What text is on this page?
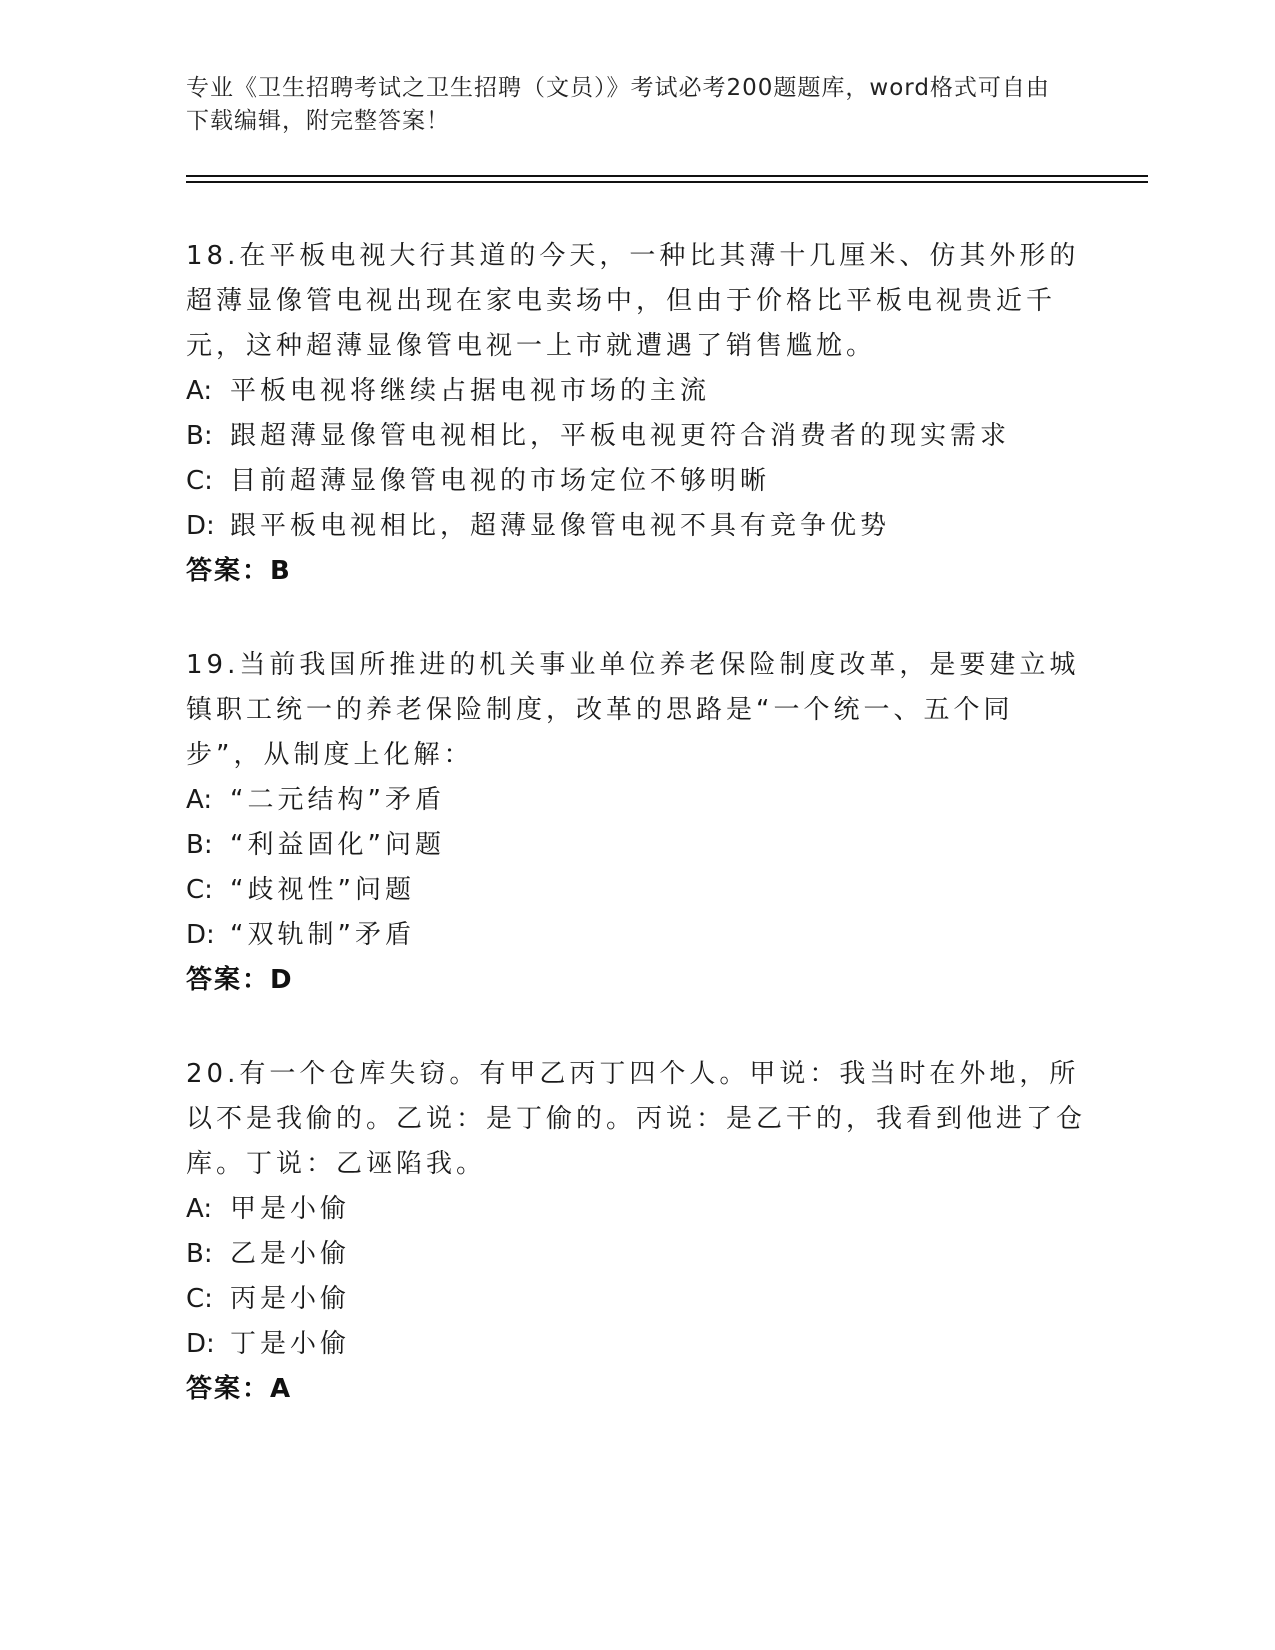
专业《卫生招聘考试之卫生招聘（文员）》考试必考200题题库，word格式可自由下载编辑，附完整答案！

18.在平板电视大行其道的今天，一种比其薄十几厘米、仿其外形的超薄显像管电视出现在家电卖场中，但由于价格比平板电视贵近千元，这种超薄显像管电视一上市就遭遇了销售尴尬。

A: 平板电视将继续占据电视市场的主流

B: 跟超薄显像管电视相比，平板电视更符合消费者的现实需求

C: 目前超薄显像管电视的市场定位不够明晰

D: 跟平板电视相比，超薄显像管电视不具有竞争优势

答案：B

19.当前我国所推进的机关事业单位养老保险制度改革，是要建立城镇职工统一的养老保险制度，改革的思路是“一个统一、五个同步”，从制度上化解：

A: “二元结构”矛盾

B: “利益固化”问题

C: “歧视性”问题

D: “双轨制”矛盾

答案：D

20.有一个仓库失窃。有甲乙丙丁四个人。甲说：我当时在外地，所以不是我偷的。乙说：是丁偷的。丙说：是乙干的，我看到他进了仓库。丁说：乙诬陷我。

A: 甲是小偷

B: 乙是小偷

C: 丙是小偷

D: 丁是小偷

答案：A
